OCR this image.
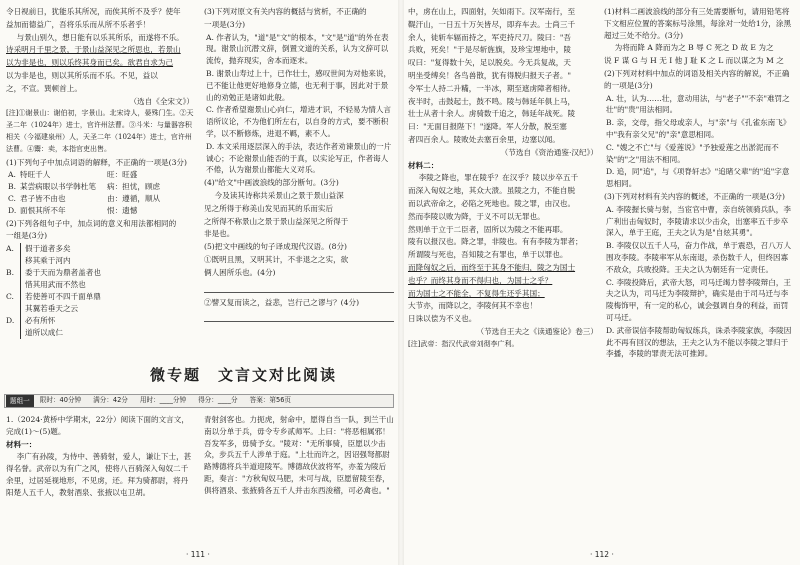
令日视前日，犹能乐其所况，而俟其所不及乎？使年
益加而德益广，吾将乐乐而从所不乐者乎！
与景山别久，想日能有以乐其所乐，而遂将不乐。
诗采明月千里之景，于景山益深见之所思也，若景山
以为非是也，则以乐终其身而已矣。欲君自求为己
以为非是也，则以其所乐而不乐。不见，益以
之，不宣。巽顿首上。
（选自《全宋文》）
[注]①谢景山：谢伯初，字景山。北宋诗人，晏殊门生。②天圣二年（1024年）进士，官许州法曹。③斗米：与量器容积相关（今福建泉州）人，天圣二年（1024年）进士，官许州法曹。④鬻：卖，本指官吏出售。
(1)下列句子中加点词语的解释，不正确的一项是(3分)
A. 特旺千人	旺：旺盛
B. 某尝病眼以书学韩杜笔	病：担忧，顾虑
C. 君子皆不由也	由：遵循，顺从
D. 面恨其所不年	恨：遗憾
(2)下列各组句子中，加点词的意义和用法都相同的
一组是(3分)
A.	假于道者多矣
移其乘于河内
B.	委于天而为鼎者盖者也
惜其用武而不然也
C.	若使善可不四千面单鼎
其翼若垂天之云
D.	必有所怀
道所以成仁
(3)下列对原文有关内容的概括与赏析，不正确的
一项是(3分)
A. 作者认为，"道"是"文"的根本，"文"是"道"的外在表现。谢景山沉潜文辞，倒置文道的关系，认为文辞可以流传，抛弃现实，舍本而逐末。
B. 谢景山寿过上十，已作壮士，感叹世间为对他来说，已不能让他更好地修身立德，也无利于事，因此对于景山的劝勉正是诸如此般。
C. 作者希望谢景山心向仁，增进才识，不轻易为情人言语所议论，不为他们所左右，以自身的方式，要不断积学，以不断修炼，进退不羁，素不人。
D. 本文采用逐层深入的手法，表达作者劝谏景山的一片诚心；不论谢景山能否的于真，以实论写正，作者诲人不倦，认为谢景山都能大义对乐。
(4)"给文"中画波浪线的部分断句。(3分)
今及读其诗称共采景山之景于景山益深
见之所得于称美山发见而其的乐而实后
之所得不称景山之景于景山益深见之所得于
非是也。
(5)把文中画线的句子译成现代汉语。(8分)
①既明且黑，又明其计，不非退之之实，欲
俩人困所乐也。(4分)
②譬又复而读之，益悲，岂行己之谬与？(4分)
微专题　文言文对比阅读
题组一	限时：40分钟	满分：42分	用时：____分钟	得分：____分	答案：第56页
1.（2024·黄桥中学期末，22分）阅读下面的文言文，完成(1)～(5)题。
材料一：
李广有孙陵，为侍中、善骑射，爱人，谦让下士，甚得名誉。武帝以为有广之风，使将八百骑深入匈奴二千余里，过居延视地形，不见虏，还。拜为骑都尉，将丹阳楚人五千人，教射酒泉、张掖以屯卫胡。
青射剑客也。力扼虎，射命中，愿得自当一队，到兰干山南以分单于兵，毋令专乡贰师军。上曰："将恶相属邪！吾发军多，毋骑予女。"陵对："无所事骑，臣愿以少击众，步兵五千人涉单于庭。"上壮而许之，因诏强弩都尉路博德将兵半道迎陵军。博德故伏波将军，亦羞为陵后距，奏言："方秋匈奴马肥，未可与战，臣愿留陵至春，俱将酒泉、张掖骑各五千人并击东西浚稽，可必禽也。"
· 111 ·
中，虏在山上，四面射，矢如雨下。汉军南行，至
鞮汗山，一日五十万矢皆尽，即弃车去。士尚三千
余人，徒斩车辐而持之，军吏持尺刀。陵曰："吾
兵败，死矣！"于是尽斩旌旗，及珍宝埋地中，陵
叹曰："复得数十矢，足以脱矣。今无兵复战，天
明坐受缚矣！各鸟兽散，犹有得脱归报天子者。"
令军士人持二升糒，一半冰，期至遮虏障者相待。
夜半时，击鼓起士，鼓不鸣。陵与韩延年俱上马，
壮士从者十余人。虏骑数千追之，韩延年战死。陵
曰："无面目报陛下！"遂降。军人分散，脱至塞
者四百余人。陵败处去塞百余里，边塞以闻。
（节选自《资治通鉴·汉纪》）
材料二：
李陵之降也，罪在陵乎？在汉乎？陵以步卒五千
而深入匈奴之地，其众大溃。虽陵之力，不能自脱
而以武帝命之，必陷之死地也。陵之罪，由汉也。
然而李陵以败为降，于义不可以无罪也。
然则单于立于二臣者，固所以为陵之不能再耶。
陵有以报汉也。降之罪，非陵也。有有李陵为罪者；
所谓陵与死也，吾知陵之有罪也，单于以罪也。
而降匈奴之后，而终至于其身不能归，陵之为国士
也乎？而终其身而不得归也，为国士之乎？
而为国士之不能全，不复得生还乎其国；
大节亦，而降以之，李陵何其不幸也！
日诛以偿为不义也。
（节选自王夫之《读通鉴论》卷三）
[注]武帝：指汉代武帝刘彻李广利。
(1)材料二画波浪线的部分有三处需要断句，请用铅笔将下文相应位置的答案标号涂黑，每涂对一处给1分，涂黑超过三处不给分。(3分)
为将而降 A 降而为之 B 辱 C 死之 D 故 E 为之
说 F 谋 G 与 H 无 I 他 J 耻 K 之 L 而以谋之为 M 之
(2)下列对材料中加点的词语及相关内容的解说，不正确的一项是(3分)
A. 壮，认为……壮，意动用法，与"老子""不亲"难罚之壮"的"贵"用法相同。
B. 亲，交母，指父母或亲人，与"亲"与《孔雀东南飞》中"我有亲父兄"的"亲"意思相同。
C. "嫂之不亡"与《爱莲说》"予独爱莲之出淤泥而不染"的"之"用法不相同。
D. 追，同"追"，与《项脊轩志》"追睹父辈"的"追"字意思相同。
(3)下列对材料有关内容的概述，不正确的一项是(3分)
A. 李陵握长骑与射，当宦官中曹，亲自统领骑兵队，李广利出击匈奴时，李陵请求以少击众，出塞率五千步卒深入，单于王庭，王夫之认为是"自炫其勇"。
B. 李陵仅以五千人马，奋力作战，单于震恐，召八万人围攻李陵。李陵率军从东南退，杀伤数千人，但终因寡不敌众，兵败投降。王夫之认为朝廷有一定责任。
C. 李陵投降后，武帝大怒，司马迁竭力替李陵辩白，王夫之认为，司马迁为李陵辩护，确实是由于司马迁与李陵梅饰甲，有一定的私心，诚会强调自身的利益，而罚可马迁。
D. 武帝误信李陵帮助匈奴练兵，诛杀李陵家族，李陵因此不再有回汉的想法，王夫之认为不能以李陵之罪归于李播，李陵的罪责无法可推卸。
· 112 ·
